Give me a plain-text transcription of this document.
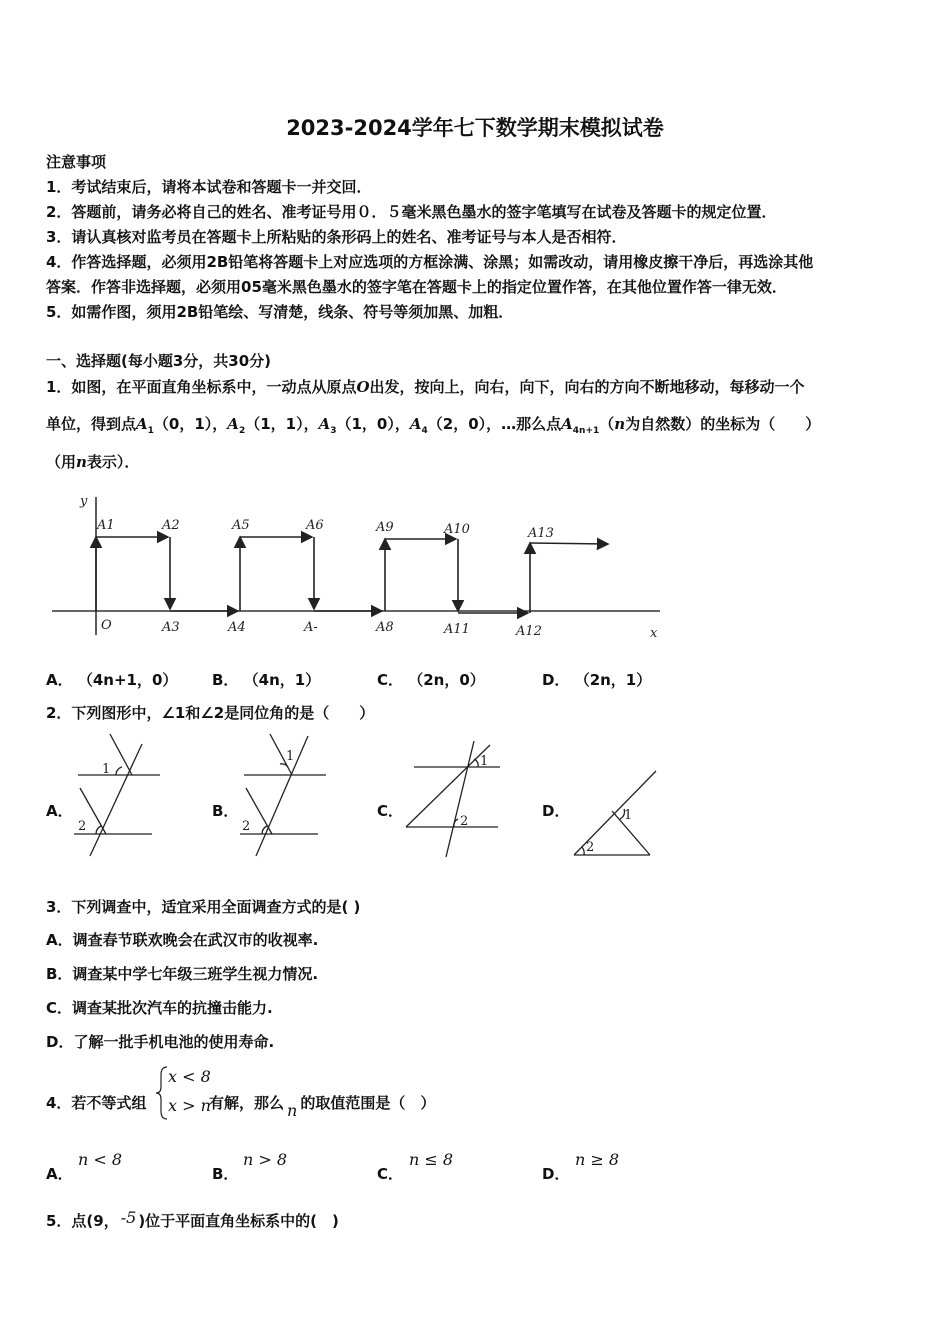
2023-2024学年七下数学期末模拟试卷
注意事项
1．考试结束后，请将本试卷和答题卡一并交回．
2．答题前，请务必将自己的姓名、准考证号用０．５毫米黑色墨水的签字笔填写在试卷及答题卡的规定位置．
3．请认真核对监考员在答题卡上所粘贴的条形码上的姓名、准考证号与本人是否相符．
4．作答选择题，必须用2B铅笔将答题卡上对应选项的方框涂满、涂黑；如需改动，请用橡皮擦干净后，再选涂其他
答案．作答非选择题，必须用05毫米黑色墨水的签字笔在答题卡上的指定位置作答，在其他位置作答一律无效．
5．如需作图，须用2B铅笔绘、写清楚，线条、符号等须加黑、加粗．
一、选择题(每小题3分，共30分)
1．如图，在平面直角坐标系中，一动点从原点O出发，按向上，向右，向下，向右的方向不断地移动，每移动一个
单位，得到点$A_1(0$，1），$A_2(1$，1），$A_3(1$，0），$A_4(2$，0），…那么点$A_{4n+1}(n$为自然数）的坐标为（　　）
（用n表示）．
y
x
O
A1	A2
A3	A4
A5	A6
A-	A8
A9	A10
A11	A12
A13
A． （4n+1，0） B． （4n，1）	C． （2n，0）	D． （2n，1）
2．下列图形中，∠1和∠2是同位角的是（　　）
A．	B．	C．	D．
1
2
1
2
1
2	1
2
3．下列调查中，适宜采用全面调查方式的是( )
A．调查春节联欢晚会在武汉市的收视率.
B．调查某中学七年级三班学生视力情况.
C．调查某批次汽车的抗撞击能力.
D．了解一批手机电池的使用寿命.
4．若不等式组
x < 8
x > n
有解，那么 n 的取值范围是（　）
A．
n < 8
B．
n > 8
C．
n ≤ 8
D．
n ≥ 8
5．点(9， -5 )位于平面直角坐标系中的(　)
